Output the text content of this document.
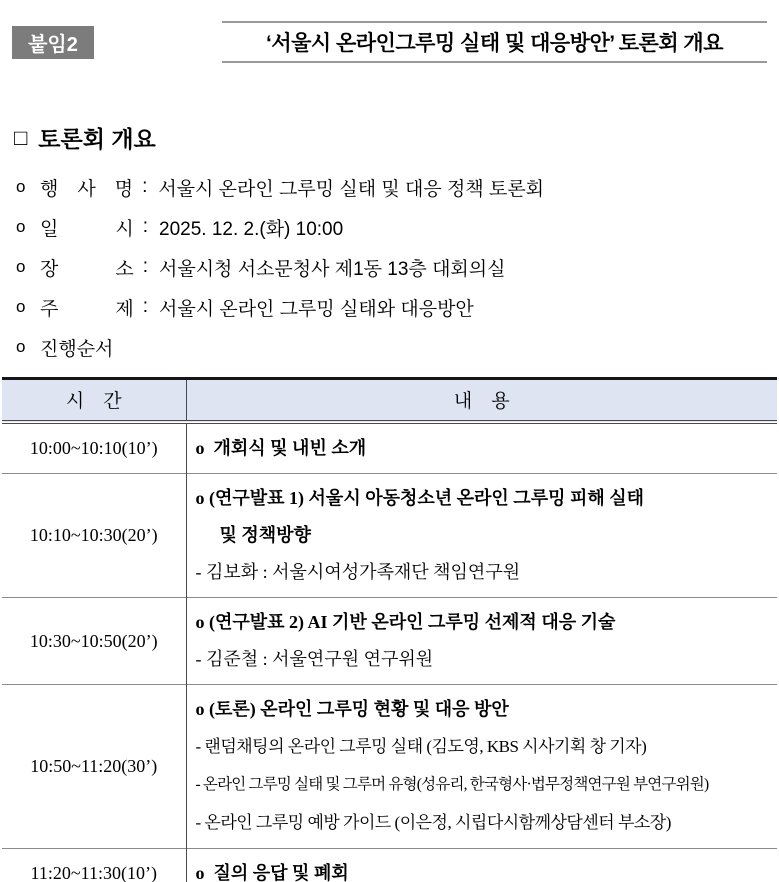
붙임2	‘서울시 온라인그루밍 실태 및 대응방안’ 토론회 개요
□ 토론회 개요
o 행　사　명 : 서울시 온라인 그루밍 실태 및 대응 정책 토론회
o 일　　　시 : 2025. 12. 2.(화) 10:00
o 장　　　소 : 서울시청 서소문청사 제1동 13층 대회의실
o 주　　　제 : 서울시 온라인 그루밍 실태와 대응방안
o 진행순서
시　간	내　용
10:00~10:10(10’)	o  개회식 및 내빈 소개

10:10~10:30(20’)	o (연구발표 1) 서울시 아동청소년 온라인 그루밍 피해 실태
및 정책방향
- 김보화 : 서울시여성가족재단 책임연구원

10:30~10:50(20’)	o (연구발표 2) AI 기반 온라인 그루밍 선제적 대응 기술
- 김준철 : 서울연구원 연구위원

10:50~11:20(30’)	o (토론) 온라인 그루밍 현황 및 대응 방안
- 랜덤채팅의 온라인 그루밍 실태 (김도영, KBS 시사기획 창 기자)
- 온라인 그루밍 실태 및 그루머 유형(성유리, 한국형사·법무정책연구원 부연구위원)
- 온라인 그루밍 예방 가이드 (이은정, 시립다시함께상담센터 부소장)

11:20~11:30(10’)	o  질의 응답 및 폐회
